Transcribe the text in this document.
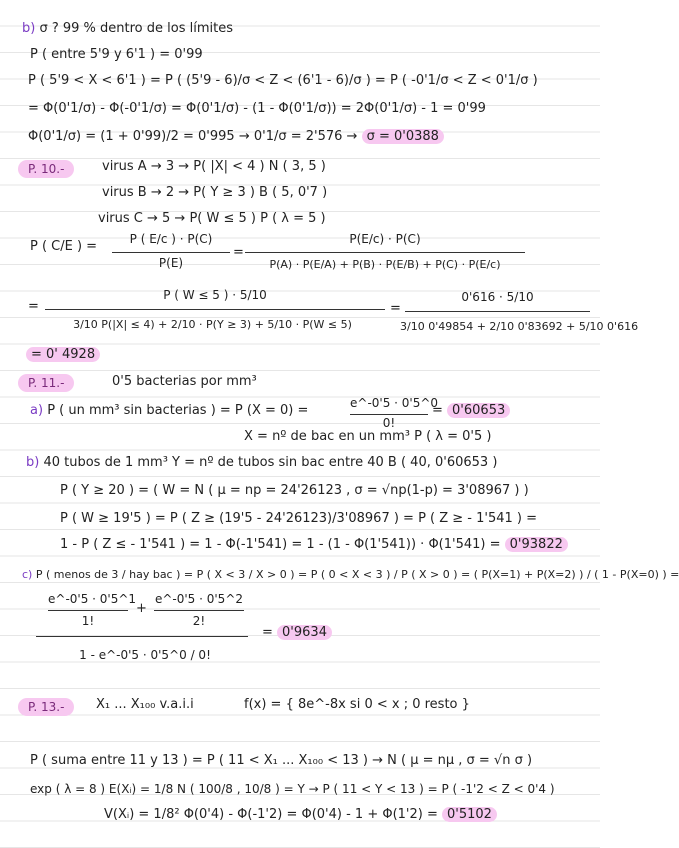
b) σ ? 99 % dentro de los límites
P ( entre 5'9 y 6'1 ) = 0'99
P ( 5'9 < X < 6'1 ) = P ( (5'9 - 6)/σ < Z < (6'1 - 6)/σ ) = P ( -0'1/σ < Z < 0'1/σ )
= Φ(0'1/σ) - Φ(-0'1/σ) = Φ(0'1/σ) - (1 - Φ(0'1/σ)) = 2Φ(0'1/σ) - 1 = 0'99
Φ(0'1/σ) = (1 + 0'99)/2 = 0'995 → 0'1/σ = 2'576 → σ = 0'0388
P. 10.-	virus A → 3 → P( |X| < 4 ) N ( 3, 5 )
virus B → 2 → P( Y ≥ 3 ) B ( 5, 0'7 )
virus C → 5 → P( W ≤ 5 ) P ( λ = 5 )
P ( C/E ) =	P ( E/c ) · P(C)
P(E)
=
P(E/c) · P(C)
P(A) · P(E/A) + P(B) · P(E/B) + P(C) · P(E/c)
=
P ( W ≤ 5 ) · 5/10
3/10 P(|X| ≤ 4) + 2/10 · P(Y ≥ 3) + 5/10 · P(W ≤ 5)
=
0'616 · 5/10
3/10 0'49854 + 2/10 0'83692 + 5/10 0'616
= 0' 4928
P. 11.-	0'5 bacterias por mm³
a) P ( un mm³ sin bacterias ) = P (X = 0) =	e^-0'5 · 0'5^0
0!
= 0'60653
X = nº de bac en un mm³ P ( λ = 0'5 )
b) 40 tubos de 1 mm³ Y = nº de tubos sin bac entre 40 B ( 40, 0'60653 )
P ( Y ≥ 20 ) = ( W = N ( μ = np = 24'26123 , σ = √np(1-p) = 3'08967 ) )
P ( W ≥ 19'5 ) = P ( Z ≥ (19'5 - 24'26123)/3'08967 ) = P ( Z ≥ - 1'541 ) =
1 - P ( Z ≤ - 1'541 ) = 1 - Φ(-1'541) = 1 - (1 - Φ(1'541)) · Φ(1'541) = 0'93822
c) P ( menos de 3 / hay bac ) = P ( X < 3 / X > 0 ) = P ( 0 < X < 3 ) / P ( X > 0 ) = ( P(X=1) + P(X=2) ) / ( 1 - P(X=0) ) =
e^-0'5 · 0'5^1
1!
+
e^-0'5 · 0'5^2
2!
= 0'9634
1 - e^-0'5 · 0'5^0 / 0!
P. 13.-	X₁ ... X₁₀₀ v.a.i.i	f(x) = { 8e^-8x si 0 < x ; 0 resto }
P ( suma entre 11 y 13 ) = P ( 11 < X₁ ... X₁₀₀ < 13 ) → N ( μ = nμ , σ = √n σ )
exp ( λ = 8 ) E(Xᵢ) = 1/8 N ( 100/8 , 10/8 ) = Y → P ( 11 < Y < 13 ) = P ( -1'2 < Z < 0'4 )
V(Xᵢ) = 1/8² Φ(0'4) - Φ(-1'2) = Φ(0'4) - 1 + Φ(1'2) = 0'5102
